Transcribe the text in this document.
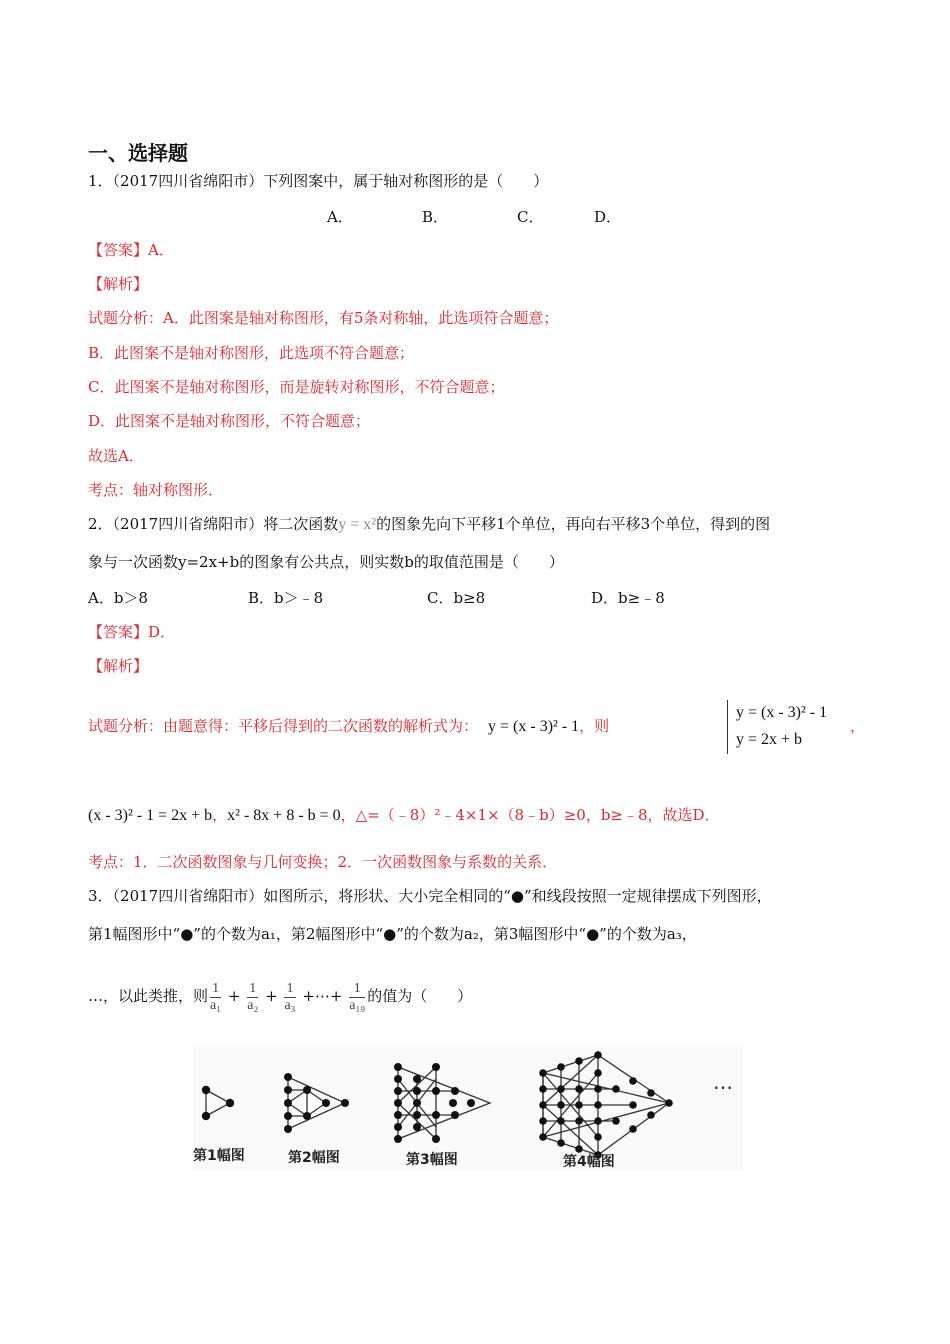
一、选择题
1．（2017四川省绵阳市）下列图案中，属于轴对称图形的是（　　）
A．	B．	C．	D．
【答案】A．
【解析】
试题分析：A．此图案是轴对称图形，有5条对称轴，此选项符合题意；
B．此图案不是轴对称图形，此选项不符合题意；
C．此图案不是轴对称图形，而是旋转对称图形，不符合题意；
D．此图案不是轴对称图形，不符合题意；
故选A．
考点：轴对称图形．
2．（2017四川省绵阳市）将二次函数y = x²的图象先向下平移1个单位，再向右平移3个单位，得到的图
象与一次函数y=2x+b的图象有公共点，则实数b的取值范围是（　　）
A．b＞8	B．b＞﹣8	C．b≥8	D．b≥﹣8
【答案】D．
【解析】
试题分析：由题意得：平移后得到的二次函数的解析式为： y = (x - 3)² - 1，则
y = (x - 3)² - 1
y = 2x + b
，
(x - 3)² - 1 = 2x + b，x² - 8x + 8 - b = 0，△=（﹣8）²﹣4×1×（8﹣b）≥0，b≥﹣8，故选D．
考点：1．二次函数图象与几何变换；2．一次函数图象与系数的关系．
3．（2017四川省绵阳市）如图所示，将形状、大小完全相同的“●”和线段按照一定规律摆成下列图形，
第1幅图形中“●”的个数为a₁，第2幅图形中“●”的个数为a₂，第3幅图形中“●”的个数为a₃，
…，以此类推，则 $\frac{1}{\text{a₁}} + \frac{1}{\text{a₂}} + \frac{1}{\text{a₃}}$ +⋯+ $\frac{1}{\text{a₁₉}}$ 的值为（　　）
第1幅图	第2幅图	第3幅图	第4幅图
…
